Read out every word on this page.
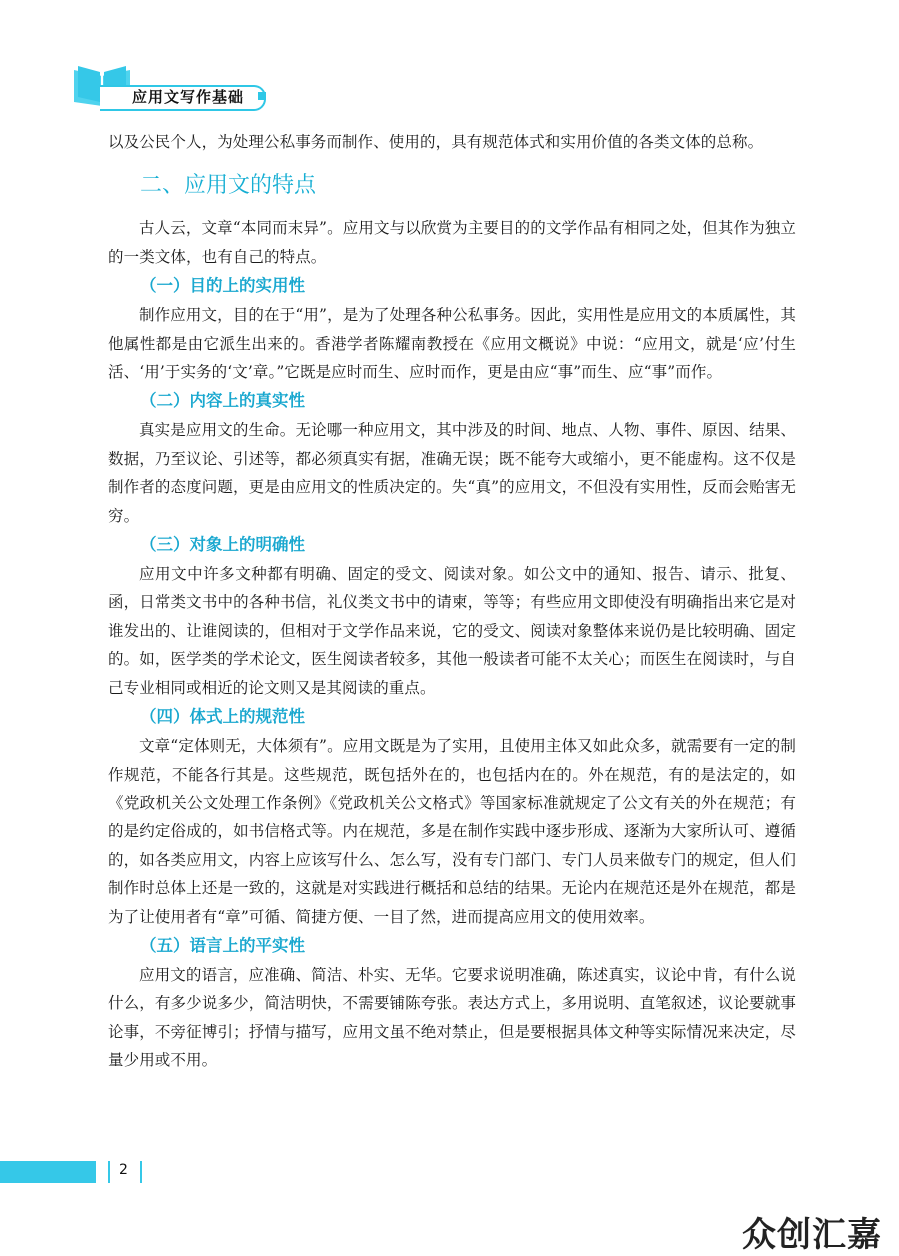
应用文写作基础

以及公民个人，为处理公私事务而制作、使用的，具有规范体式和实用价值的各类文体的总称。

二、应用文的特点

古人云，文章“本同而末异”。应用文与以欣赏为主要目的的文学作品有相同之处，但其作为独立的一类文体，也有自己的特点。

（一）目的上的实用性

制作应用文，目的在于“用”，是为了处理各种公私事务。因此，实用性是应用文的本质属性，其他属性都是由它派生出来的。香港学者陈耀南教授在《应用文概说》中说：“应用文，就是‘应’付生活、‘用’于实务的‘文’章。”它既是应时而生、应时而作，更是由应“事”而生、应“事”而作。

（二）内容上的真实性

真实是应用文的生命。无论哪一种应用文，其中涉及的时间、地点、人物、事件、原因、结果、数据，乃至议论、引述等，都必须真实有据，准确无误；既不能夸大或缩小，更不能虚构。这不仅是制作者的态度问题，更是由应用文的性质决定的。失“真”的应用文，不但没有实用性，反而会贻害无穷。

（三）对象上的明确性

应用文中许多文种都有明确、固定的受文、阅读对象。如公文中的通知、报告、请示、批复、函，日常类文书中的各种书信，礼仪类文书中的请柬，等等；有些应用文即使没有明确指出来它是对谁发出的、让谁阅读的，但相对于文学作品来说，它的受文、阅读对象整体来说仍是比较明确、固定的。如，医学类的学术论文，医生阅读者较多，其他一般读者可能不太关心；而医生在阅读时，与自己专业相同或相近的论文则又是其阅读的重点。

（四）体式上的规范性

文章“定体则无，大体须有”。应用文既是为了实用，且使用主体又如此众多，就需要有一定的制作规范，不能各行其是。这些规范，既包括外在的，也包括内在的。外在规范，有的是法定的，如《党政机关公文处理工作条例》《党政机关公文格式》等国家标准就规定了公文有关的外在规范；有的是约定俗成的，如书信格式等。内在规范，多是在制作实践中逐步形成、逐渐为大家所认可、遵循的，如各类应用文，内容上应该写什么、怎么写，没有专门部门、专门人员来做专门的规定，但人们制作时总体上还是一致的，这就是对实践进行概括和总结的结果。无论内在规范还是外在规范，都是为了让使用者有“章”可循、简捷方便、一目了然，进而提高应用文的使用效率。

（五）语言上的平实性

应用文的语言，应准确、简洁、朴实、无华。它要求说明准确，陈述真实，议论中肯，有什么说什么，有多少说多少，简洁明快，不需要铺陈夸张。表达方式上，多用说明、直笔叙述，议论要就事论事，不旁征博引；抒情与描写，应用文虽不绝对禁止，但是要根据具体文种等实际情况来决定，尽量少用或不用。

2
众创汇嘉
